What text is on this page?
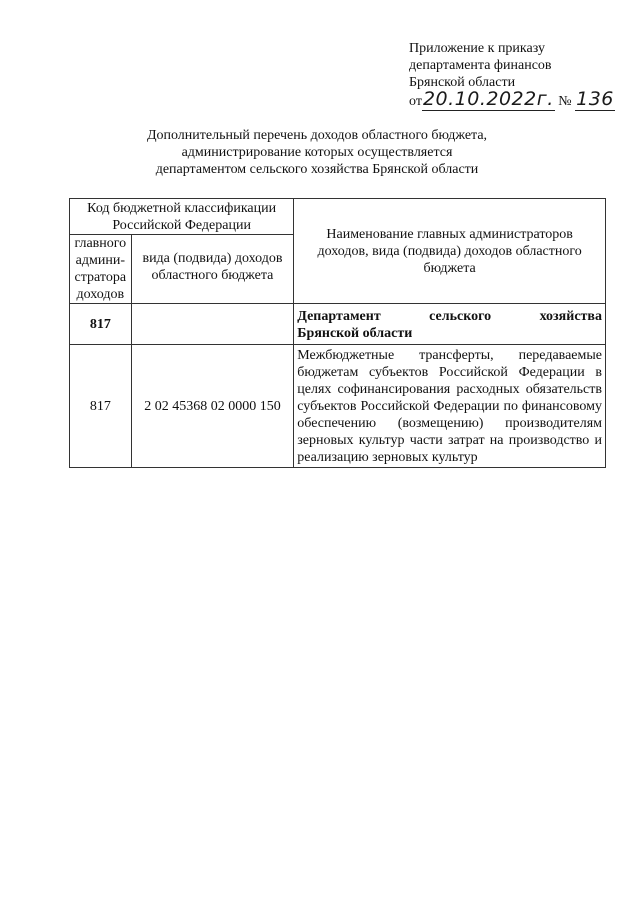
Приложение к приказу
департамента финансов
Брянской области
от20.10.2022г. № 136
Дополнительный перечень доходов областного бюджета,
администрирование которых осуществляется
департаментом сельского хозяйства Брянской области
Код бюджетной классификации Российской Федерации		Наименование главных администраторов доходов, вида (подвида) доходов областного бюджета
главного админи-стратора доходов	вида (подвида) доходов областного бюджета	
817		Департамент сельского хозяйства
Брянской области

817	2 02 45368 02 0000 150	Межбюджетные трансферты, передаваемые бюджетам субъектов Российской Федерации в целях софинансирования расходных обязательств субъектов Российской Федерации по финансовому обеспечению (возмещению) производителям зерновых культур части затрат на производство и реализацию зерновых культур
